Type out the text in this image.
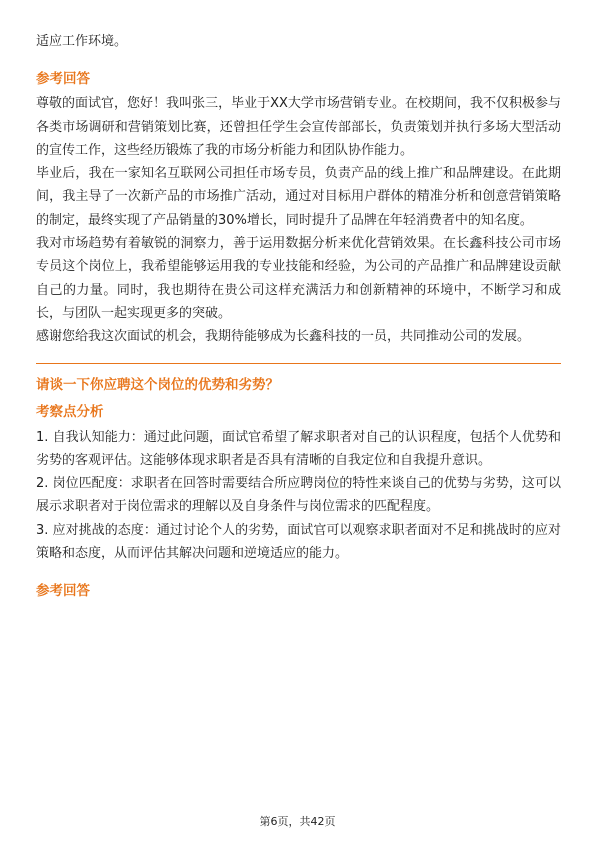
适应工作环境。

参考回答

尊敬的面试官，您好！我叫张三，毕业于XX大学市场营销专业。在校期间，我不仅积极参与各类市场调研和营销策划比赛，还曾担任学生会宣传部部长，负责策划并执行多场大型活动的宣传工作，这些经历锻炼了我的市场分析能力和团队协作能力。

毕业后，我在一家知名互联网公司担任市场专员，负责产品的线上推广和品牌建设。在此期间，我主导了一次新产品的市场推广活动，通过对目标用户群体的精准分析和创意营销策略的制定，最终实现了产品销量的30%增长，同时提升了品牌在年轻消费者中的知名度。

我对市场趋势有着敏锐的洞察力，善于运用数据分析来优化营销效果。在长鑫科技公司市场专员这个岗位上，我希望能够运用我的专业技能和经验，为公司的产品推广和品牌建设贡献自己的力量。同时，我也期待在贵公司这样充满活力和创新精神的环境中，不断学习和成长，与团队一起实现更多的突破。

感谢您给我这次面试的机会，我期待能够成为长鑫科技的一员，共同推动公司的发展。

请谈一下你应聘这个岗位的优势和劣势？
考察点分析

1. 自我认知能力：通过此问题，面试官希望了解求职者对自己的认识程度，包括个人优势和劣势的客观评估。这能够体现求职者是否具有清晰的自我定位和自我提升意识。

2. 岗位匹配度：求职者在回答时需要结合所应聘岗位的特性来谈自己的优势与劣势，这可以展示求职者对于岗位需求的理解以及自身条件与岗位需求的匹配程度。

3. 应对挑战的态度：通过讨论个人的劣势，面试官可以观察求职者面对不足和挑战时的应对策略和态度，从而评估其解决问题和逆境适应的能力。

参考回答
第6页，共42页
